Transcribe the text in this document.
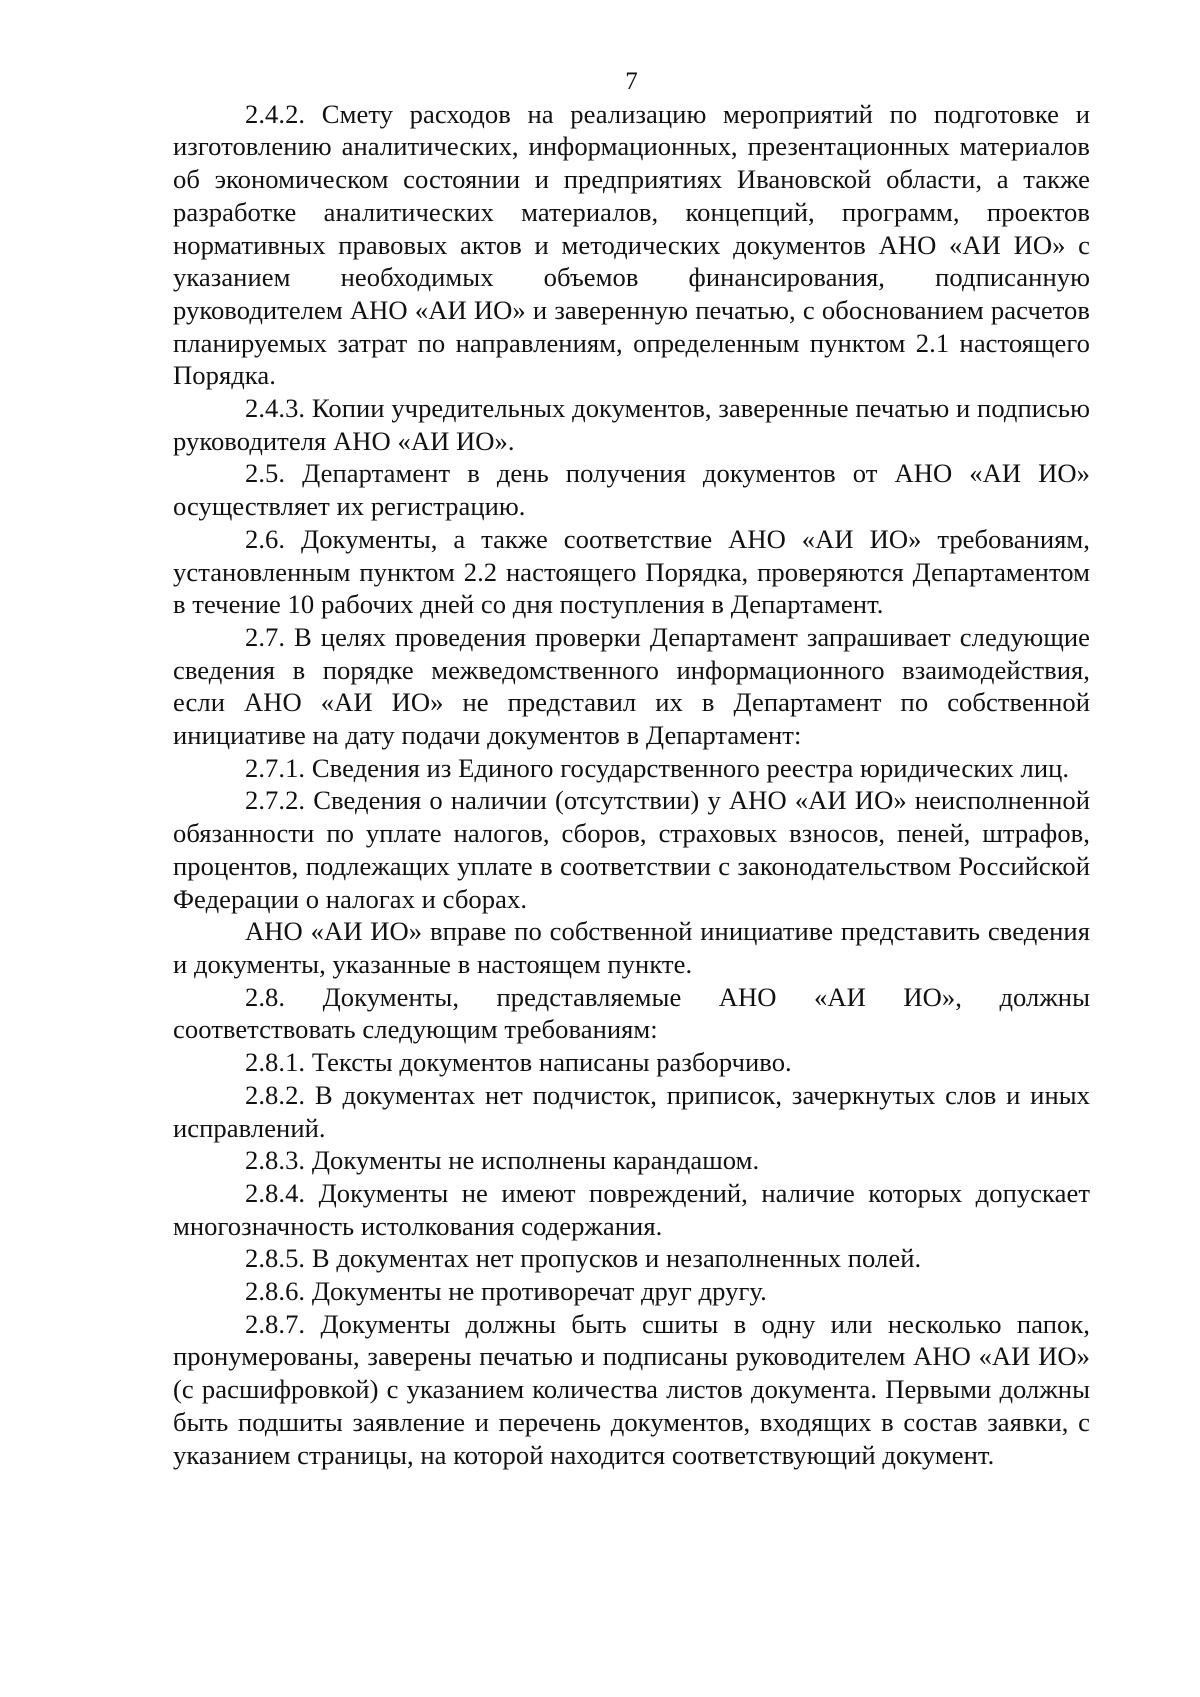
7

2.4.2. Смету расходов на реализацию мероприятий по подготовке и изготовлению аналитических, информационных, презентационных материалов об экономическом состоянии и предприятиях Ивановской области, а также разработке аналитических материалов, концепций, программ, проектов нормативных правовых актов и методических документов АНО «АИ ИО» с указанием необходимых объемов финансирования, подписанную руководителем АНО «АИ ИО» и заверенную печатью, с обоснованием расчетов планируемых затрат по направлениям, определенным пунктом 2.1 настоящего Порядка.

2.4.3. Копии учредительных документов, заверенные печатью и подписью руководителя АНО «АИ ИО».

2.5. Департамент в день получения документов от АНО «АИ ИО» осуществляет их регистрацию.

2.6. Документы, а также соответствие АНО «АИ ИО» требованиям, установленным пунктом 2.2 настоящего Порядка, проверяются Департаментом в течение 10 рабочих дней со дня поступления в Департамент.

2.7. В целях проведения проверки Департамент запрашивает следующие сведения в порядке межведомственного информационного взаимодействия, если АНО «АИ ИО» не представил их в Департамент по собственной инициативе на дату подачи документов в Департамент:

2.7.1. Сведения из Единого государственного реестра юридических лиц.

2.7.2. Сведения о наличии (отсутствии) у АНО «АИ ИО» неисполненной обязанности по уплате налогов, сборов, страховых взносов, пеней, штрафов, процентов, подлежащих уплате в соответствии с законодательством Российской Федерации о налогах и сборах.

АНО «АИ ИО» вправе по собственной инициативе представить сведения и документы, указанные в настоящем пункте.

2.8. Документы, представляемые АНО «АИ ИО», должны соответствовать следующим требованиям:

2.8.1. Тексты документов написаны разборчиво.

2.8.2. В документах нет подчисток, приписок, зачеркнутых слов и иных исправлений.

2.8.3. Документы не исполнены карандашом.

2.8.4. Документы не имеют повреждений, наличие которых допускает многозначность истолкования содержания.

2.8.5. В документах нет пропусков и незаполненных полей.

2.8.6. Документы не противоречат друг другу.

2.8.7. Документы должны быть сшиты в одну или несколько папок, пронумерованы, заверены печатью и подписаны руководителем АНО «АИ ИО» (с расшифровкой) с указанием количества листов документа. Первыми должны быть подшиты заявление и перечень документов, входящих в состав заявки, с указанием страницы, на которой находится соответствующий документ.
